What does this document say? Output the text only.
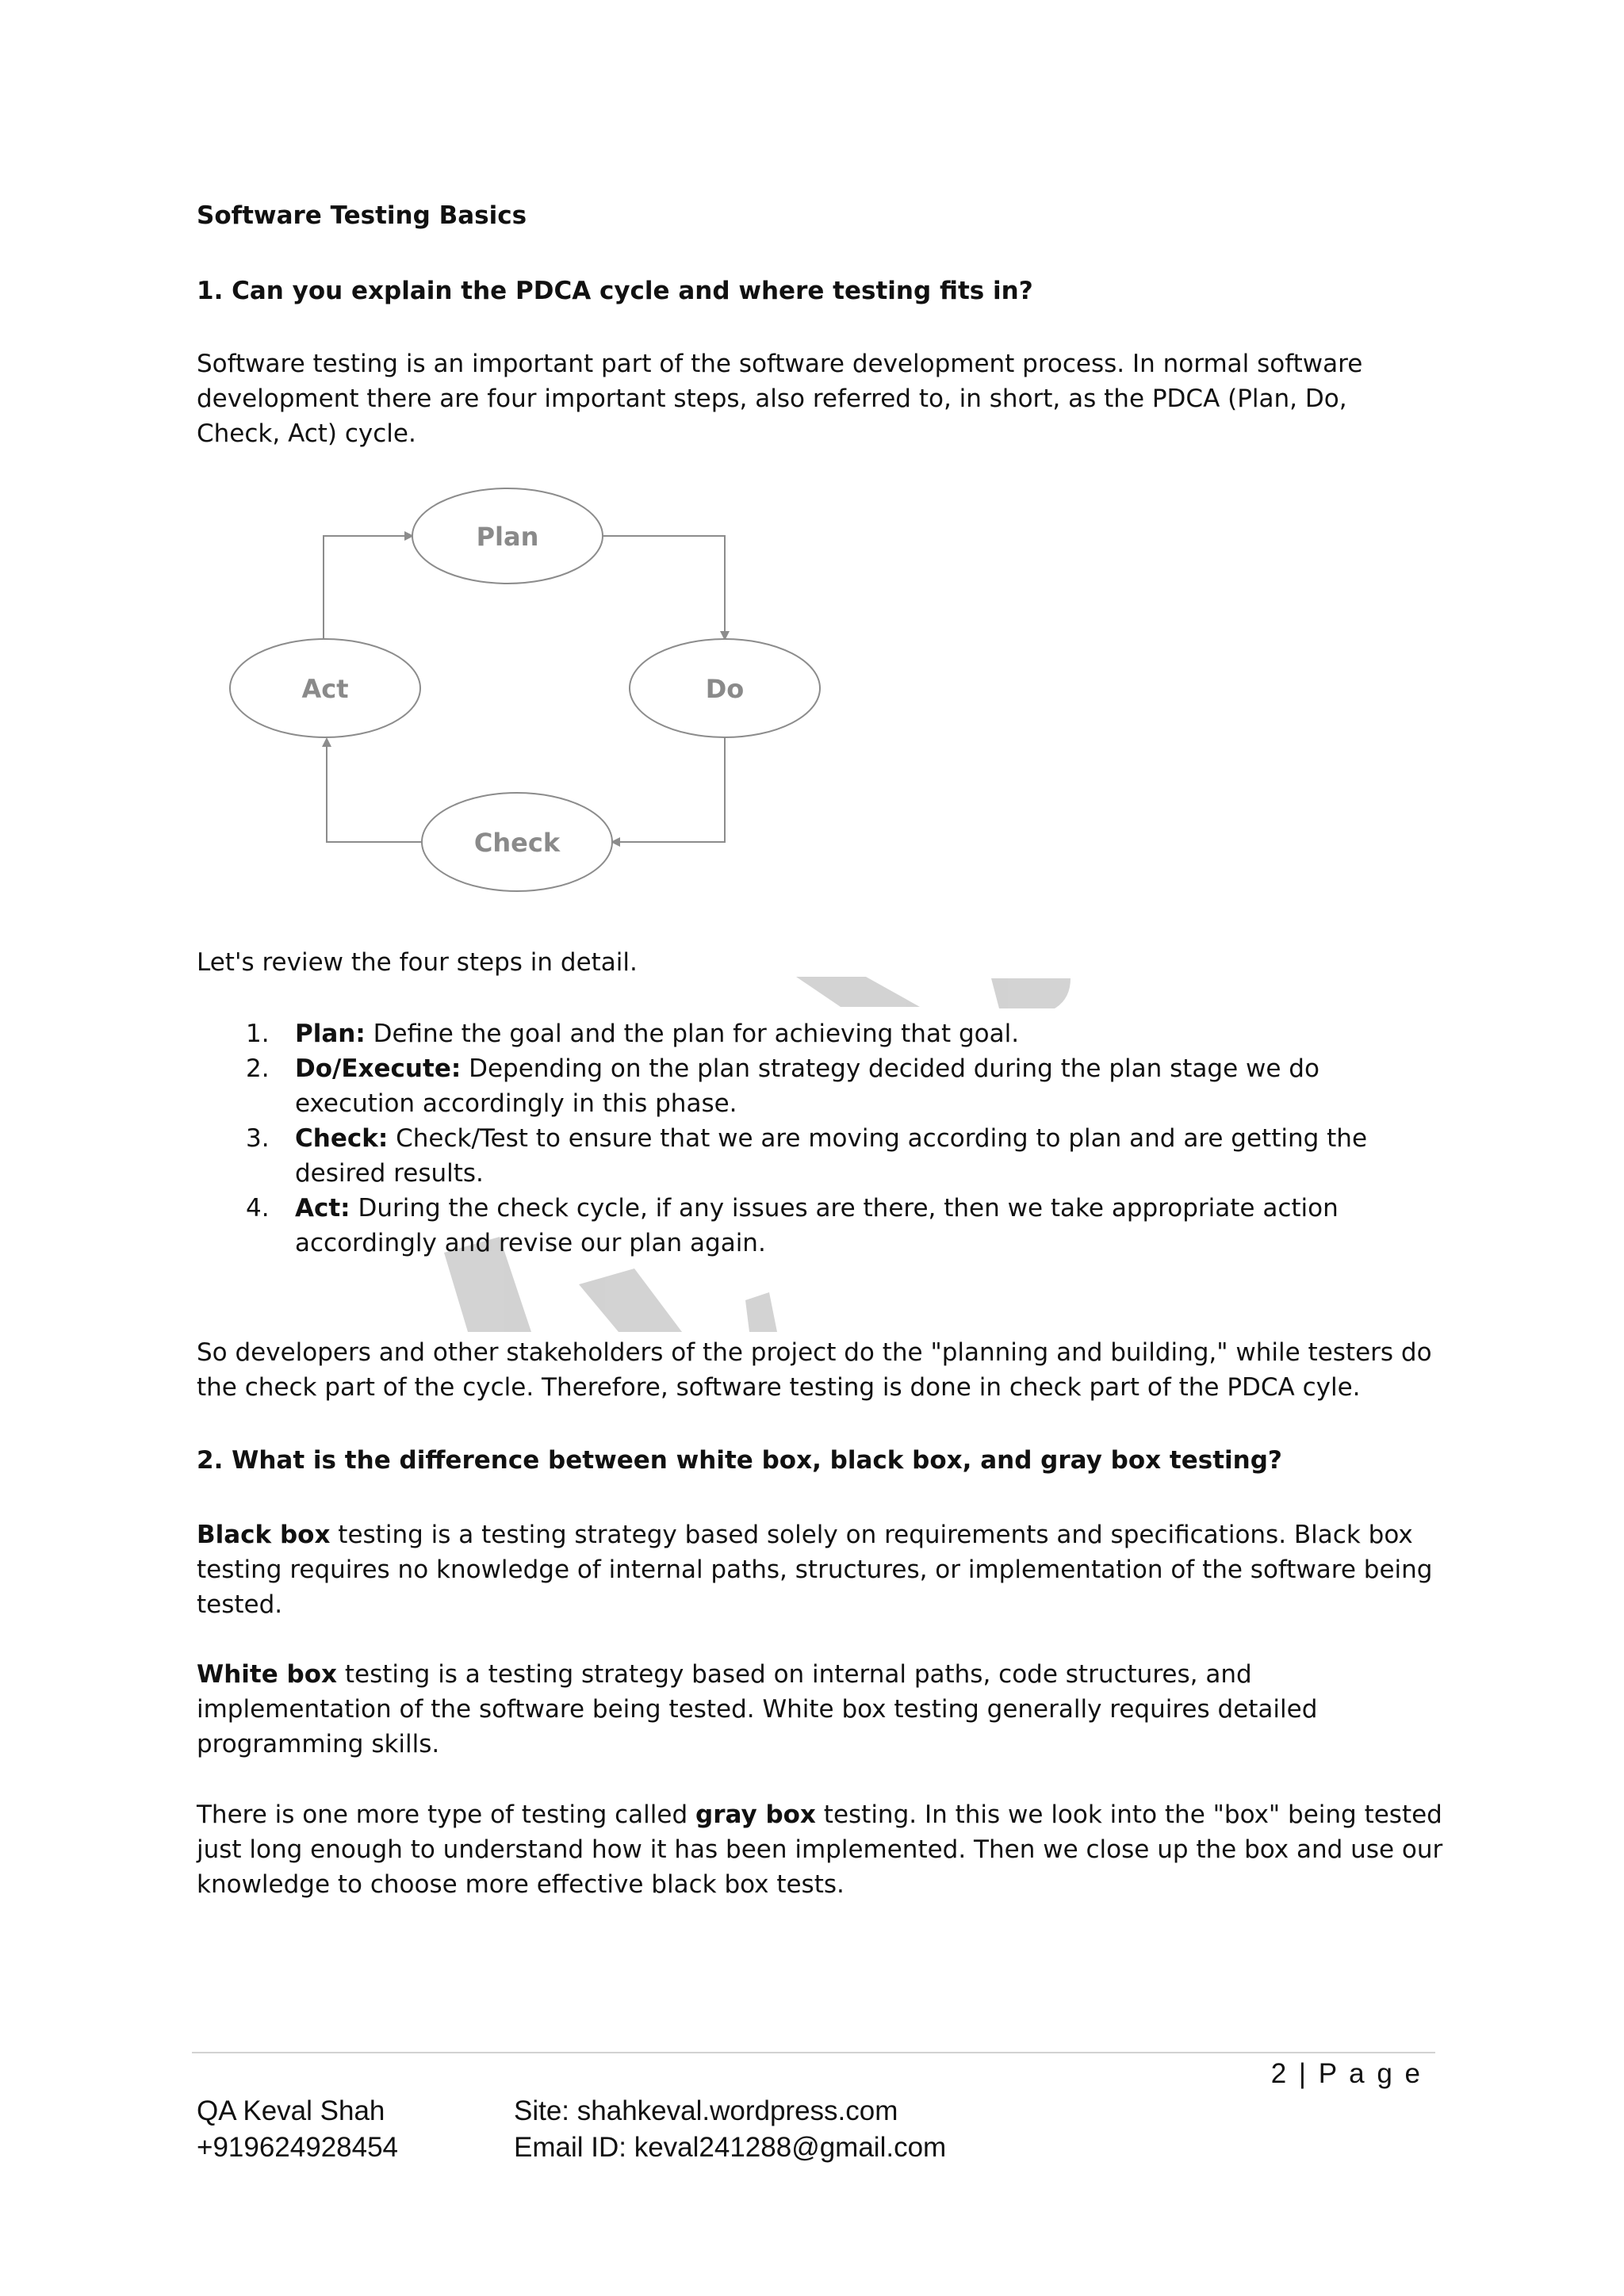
Software Testing Basics
1. Can you explain the PDCA cycle and where testing fits in?
Software testing is an important part of the software development process. In normal software development there are four important steps, also referred to, in short, as the PDCA (Plan, Do, Check, Act) cycle.
Plan
Do
Check
Act
Let's review the four steps in detail.
1. Plan: Define the goal and the plan for achieving that goal.
2. Do/Execute: Depending on the plan strategy decided during the plan stage we do execution accordingly in this phase.
3. Check: Check/Test to ensure that we are moving according to plan and are getting the desired results.
4. Act: During the check cycle, if any issues are there, then we take appropriate action accordingly and revise our plan again.
So developers and other stakeholders of the project do the "planning and building," while testers do the check part of the cycle. Therefore, software testing is done in check part of the PDCA cyle.
2. What is the difference between white box, black box, and gray box testing?
Black box testing is a testing strategy based solely on requirements and specifications. Black box testing requires no knowledge of internal paths, structures, or implementation of the software being tested.
White box testing is a testing strategy based on internal paths, code structures, and implementation of the software being tested. White box testing generally requires detailed programming skills.
There is one more type of testing called gray box testing. In this we look into the "box" being tested just long enough to understand how it has been implemented. Then we close up the box and use our knowledge to choose more effective black box tests.
2 | P a g e
QA Keval Shah
+919624928454
Site: shahkeval.wordpress.com
Email ID: keval241288@gmail.com
